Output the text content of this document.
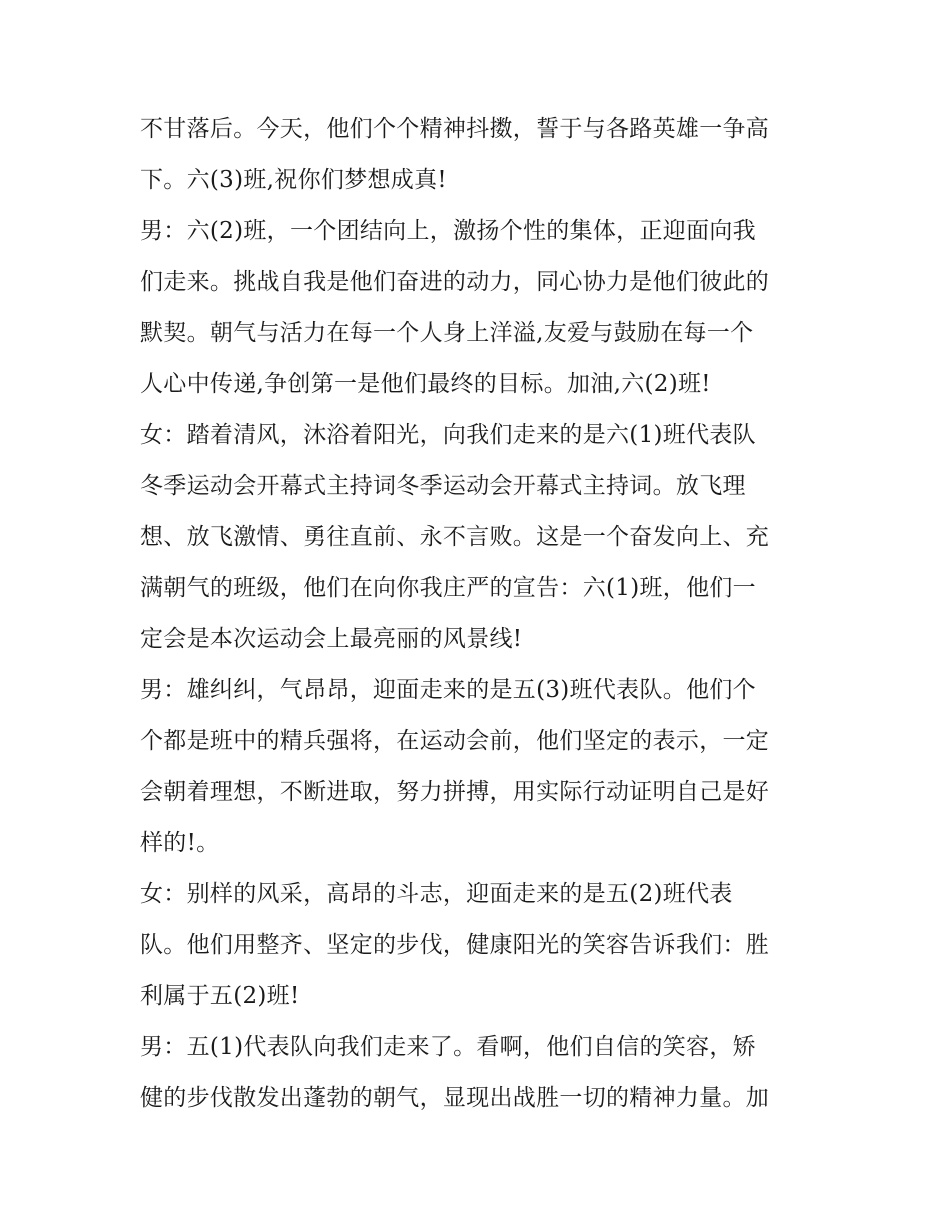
不甘落后。今天，他们个个精神抖擞，誓于与各路英雄一争高
下。六(3)班,祝你们梦想成真!
男：六(2)班，一个团结向上，激扬个性的集体，正迎面向我
们走来。挑战自我是他们奋进的动力，同心协力是他们彼此的
默契。朝气与活力在每一个人身上洋溢,友爱与鼓励在每一个
人心中传递,争创第一是他们最终的目标。加油,六(2)班!
女：踏着清风，沐浴着阳光，向我们走来的是六(1)班代表队
冬季运动会开幕式主持词冬季运动会开幕式主持词。放飞理
想、放飞激情、勇往直前、永不言败。这是一个奋发向上、充
满朝气的班级，他们在向你我庄严的宣告：六(1)班，他们一
定会是本次运动会上最亮丽的风景线!
男：雄纠纠，气昂昂，迎面走来的是五(3)班代表队。他们个
个都是班中的精兵强将，在运动会前，他们坚定的表示，一定
会朝着理想，不断进取，努力拼搏，用实际行动证明自己是好
样的!。
女：别样的风采，高昂的斗志，迎面走来的是五(2)班代表
队。他们用整齐、坚定的步伐，健康阳光的笑容告诉我们：胜
利属于五(2)班!
男：五(1)代表队向我们走来了。看啊，他们自信的笑容，矫
健的步伐散发出蓬勃的朝气，显现出战胜一切的精神力量。加
